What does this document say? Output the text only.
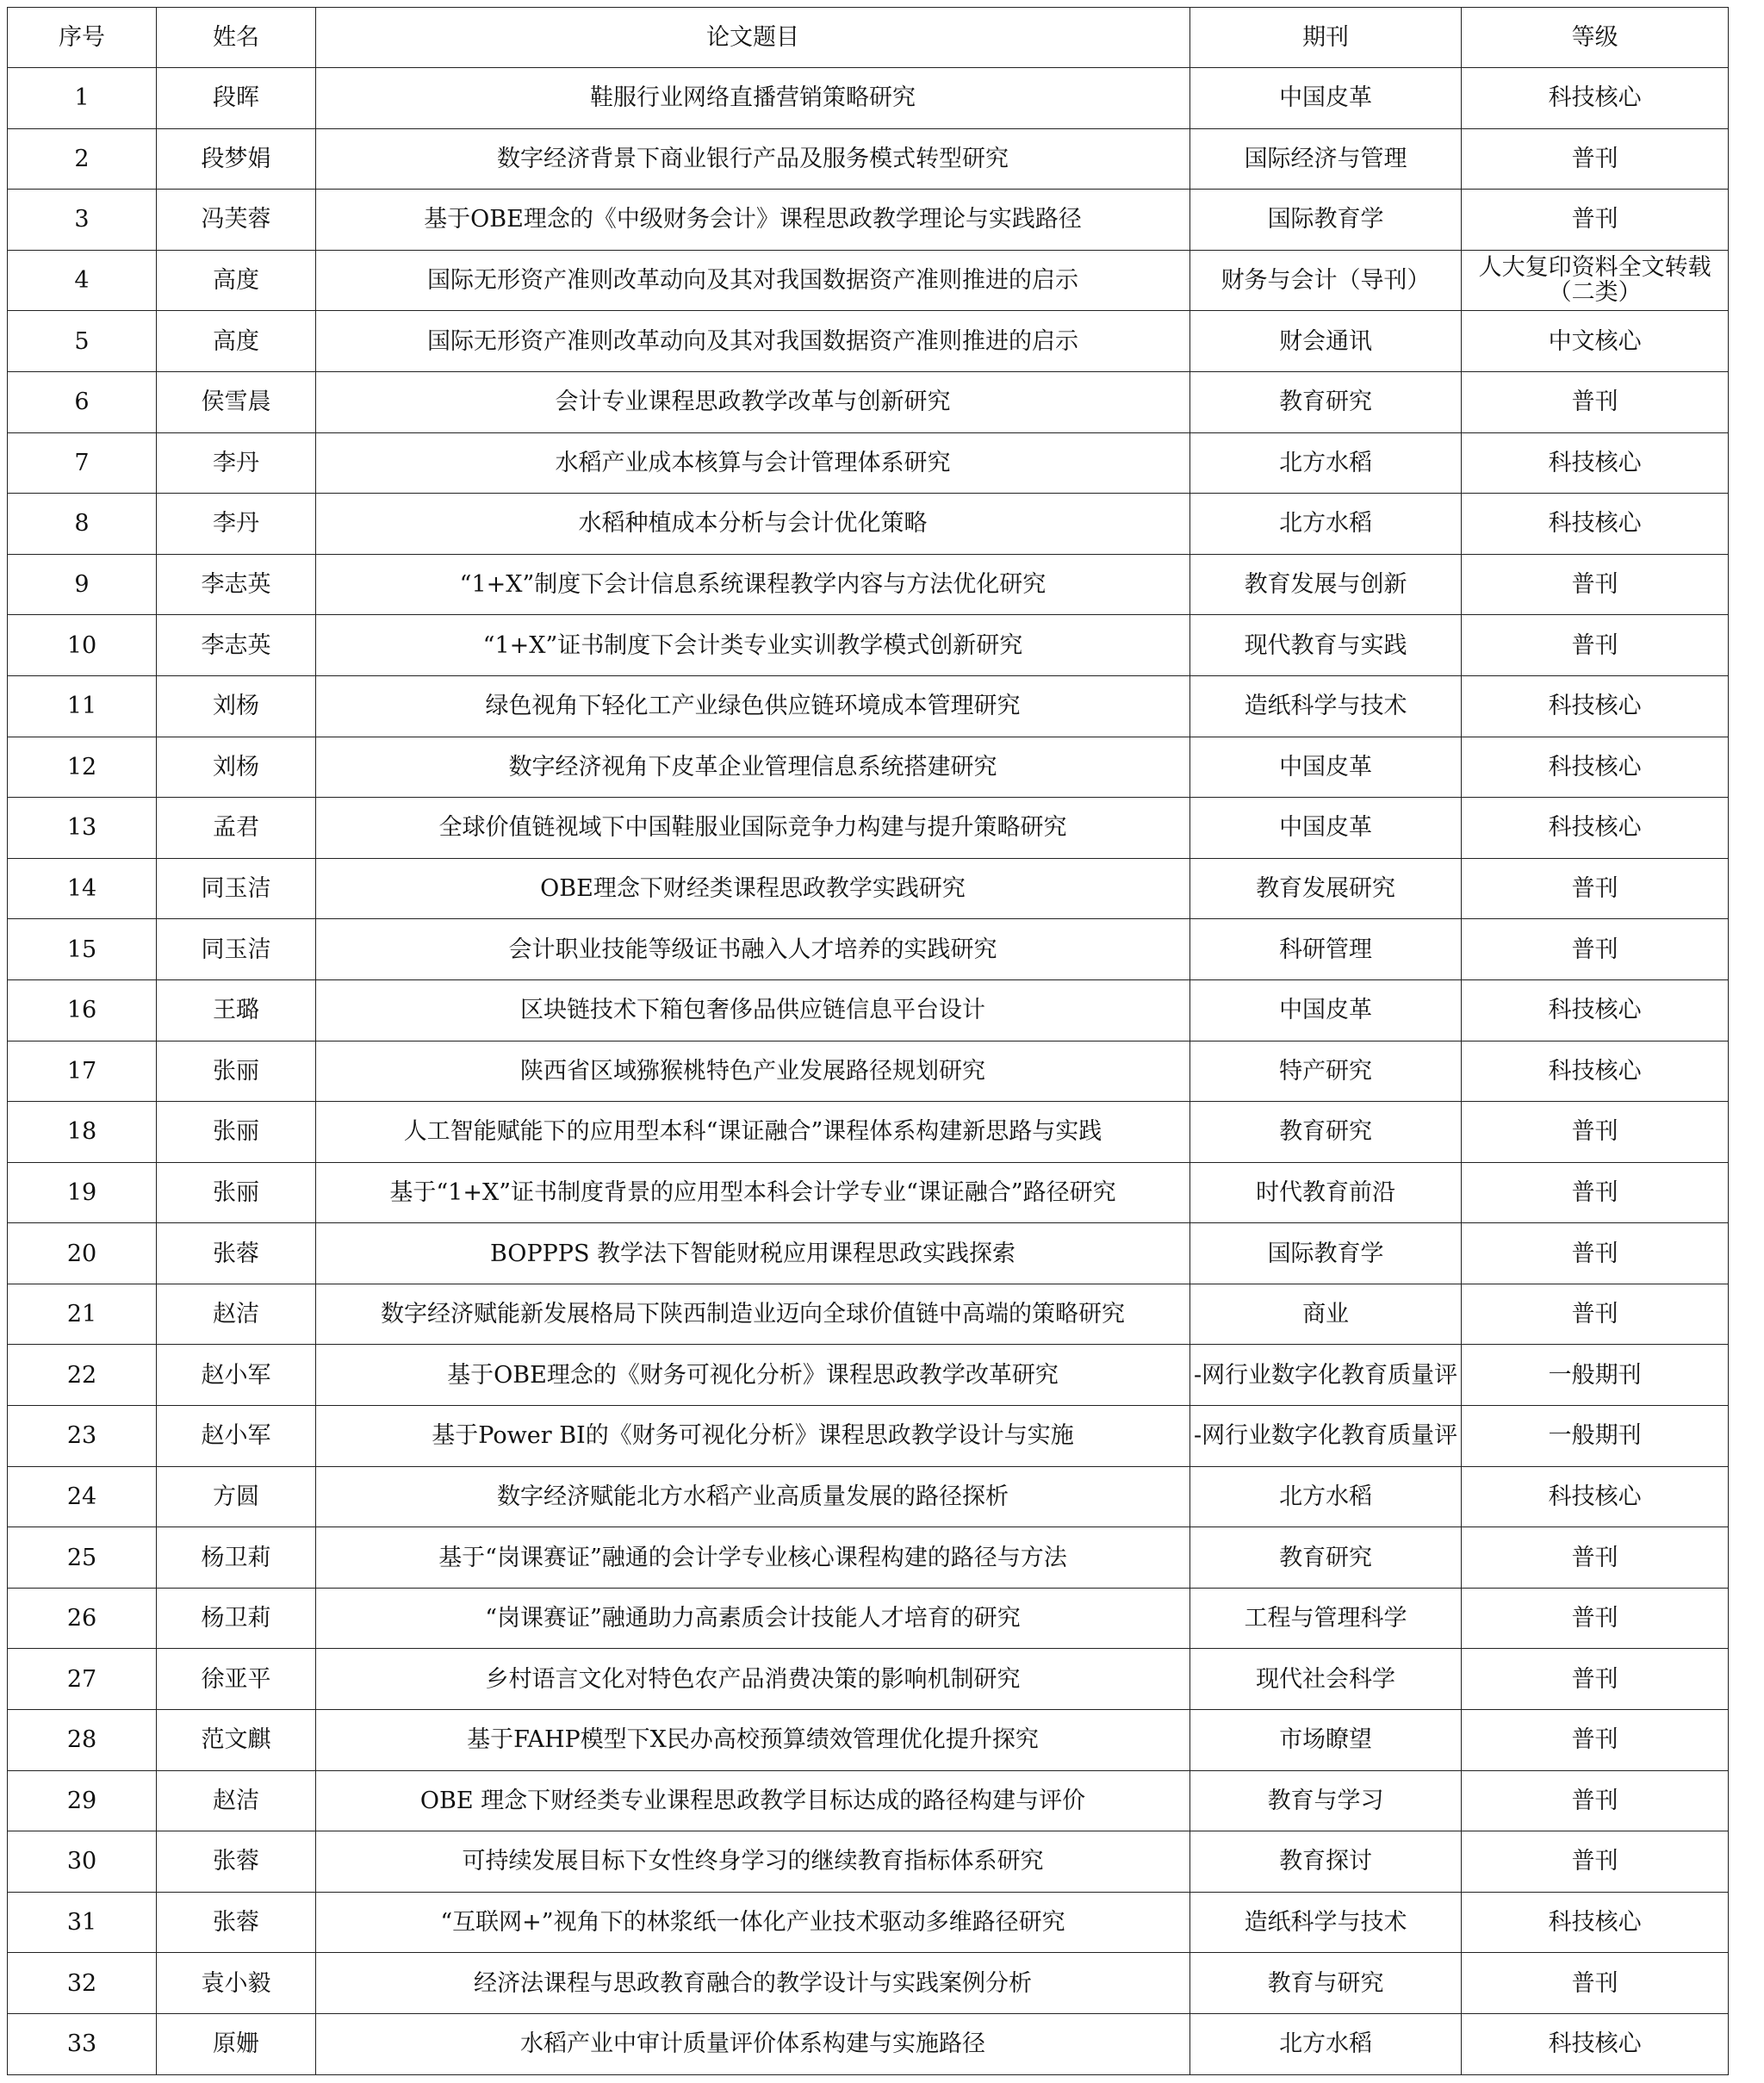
序号	姓名	论文题目	期刊	等级
1	段晖	鞋服行业网络直播营销策略研究	中国皮革	科技核心
2	段梦娟	数字经济背景下商业银行产品及服务模式转型研究	国际经济与管理	普刊
3	冯芙蓉	基于OBE理念的《中级财务会计》课程思政教学理论与实践路径	国际教育学	普刊
4	高度	国际无形资产准则改革动向及其对我国数据资产准则推进的启示	财务与会计（导刊）	人大复印资料全文转载（二类）
5	高度	国际无形资产准则改革动向及其对我国数据资产准则推进的启示	财会通讯	中文核心
6	侯雪晨	会计专业课程思政教学改革与创新研究	教育研究	普刊
7	李丹	水稻产业成本核算与会计管理体系研究	北方水稻	科技核心
8	李丹	水稻种植成本分析与会计优化策略	北方水稻	科技核心
9	李志英	“1+X”制度下会计信息系统课程教学内容与方法优化研究	教育发展与创新	普刊
10	李志英	“1+X”证书制度下会计类专业实训教学模式创新研究	现代教育与实践	普刊
11	刘杨	绿色视角下轻化工产业绿色供应链环境成本管理研究	造纸科学与技术	科技核心
12	刘杨	数字经济视角下皮革企业管理信息系统搭建研究	中国皮革	科技核心
13	孟君	全球价值链视域下中国鞋服业国际竞争力构建与提升策略研究	中国皮革	科技核心
14	同玉洁	OBE理念下财经类课程思政教学实践研究	教育发展研究	普刊
15	同玉洁	会计职业技能等级证书融入人才培养的实践研究	科研管理	普刊
16	王璐	区块链技术下箱包奢侈品供应链信息平台设计	中国皮革	科技核心
17	张丽	陕西省区域猕猴桃特色产业发展路径规划研究	特产研究	科技核心
18	张丽	人工智能赋能下的应用型本科“课证融合”课程体系构建新思路与实践	教育研究	普刊
19	张丽	基于“1+X”证书制度背景的应用型本科会计学专业“课证融合”路径研究	时代教育前沿	普刊
20	张蓉	BOPPPS 教学法下智能财税应用课程思政实践探索	国际教育学	普刊
21	赵洁	数字经济赋能新发展格局下陕西制造业迈向全球价值链中高端的策略研究	商业	普刊
22	赵小军	基于OBE理念的《财务可视化分析》课程思政教学改革研究	-网行业数字化教育质量评	一般期刊
23	赵小军	基于Power BI的《财务可视化分析》课程思政教学设计与实施	-网行业数字化教育质量评	一般期刊
24	方圆	数字经济赋能北方水稻产业高质量发展的路径探析	北方水稻	科技核心
25	杨卫莉	基于“岗课赛证”融通的会计学专业核心课程构建的路径与方法	教育研究	普刊
26	杨卫莉	“岗课赛证”融通助力高素质会计技能人才培育的研究	工程与管理科学	普刊
27	徐亚平	乡村语言文化对特色农产品消费决策的影响机制研究	现代社会科学	普刊
28	范文麒	基于FAHP模型下X民办高校预算绩效管理优化提升探究	市场瞭望	普刊
29	赵洁	OBE 理念下财经类专业课程思政教学目标达成的路径构建与评价	教育与学习	普刊
30	张蓉	可持续发展目标下女性终身学习的继续教育指标体系研究	教育探讨	普刊
31	张蓉	“互联网+”视角下的林浆纸一体化产业技术驱动多维路径研究	造纸科学与技术	科技核心
32	袁小毅	经济法课程与思政教育融合的教学设计与实践案例分析	教育与研究	普刊
33	原姗	水稻产业中审计质量评价体系构建与实施路径	北方水稻	科技核心
